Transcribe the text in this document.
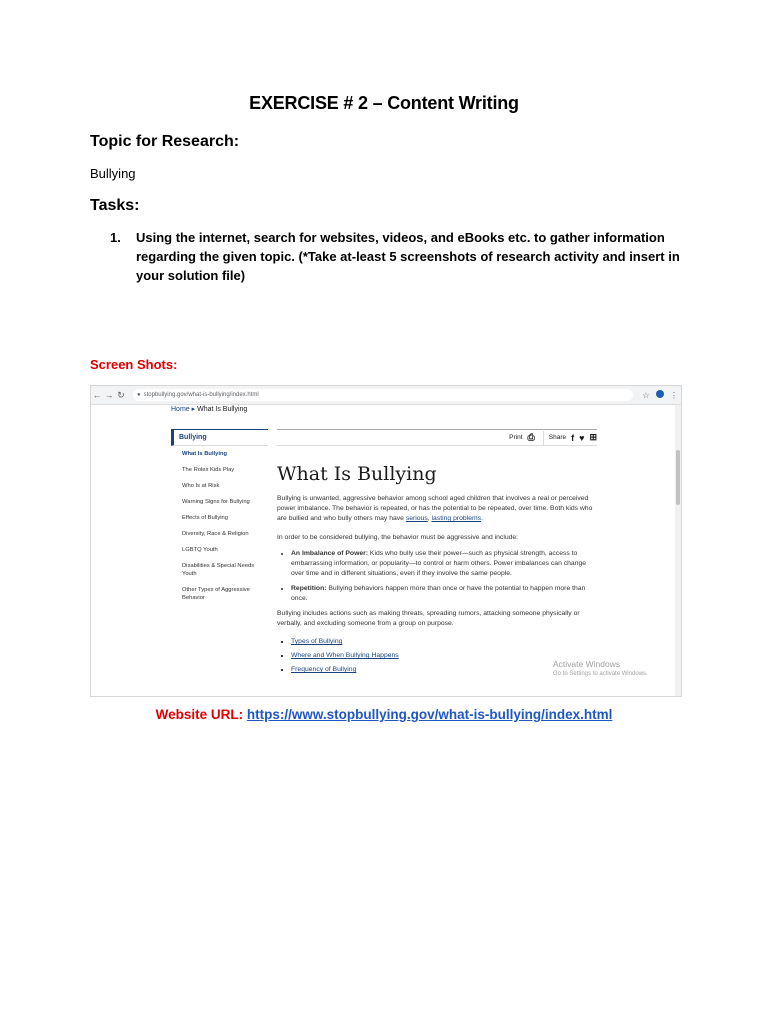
EXERCISE # 2 – Content Writing
Topic for Research:
Bullying
Tasks:
1.	Using the internet, search for websites, videos, and eBooks etc. to gather information regarding the given topic. (*Take at-least 5 screenshots of research activity and insert in your solution file)
Screen Shots:
← → ↻	● stopbullying.gov/what-is-bullying/index.html	☆	⋮
Home ▸ What Is Bullying
Bullying
What Is Bullying
The Roles Kids Play
Who Is at Risk
Warning Signs for Bullying
Effects of Bullying
Diversity, Race & Religion
LGBTQ Youth
Disabilities & Special Needs Youth
Other Types of Aggressive Behavior
Print ⎙ Share f ♥ ⊞
What Is Bullying
Bullying is unwanted, aggressive behavior among school aged children that involves a real or perceived power imbalance. The behavior is repeated, or has the potential to be repeated, over time. Both kids who are bullied and who bully others may have serious, lasting problems.
In order to be considered bullying, the behavior must be aggressive and include:
• An Imbalance of Power: Kids who bully use their power—such as physical strength, access to embarrassing information, or popularity—to control or harm others. Power imbalances can change over time and in different situations, even if they involve the same people.
• Repetition: Bullying behaviors happen more than once or have the potential to happen more than once.
Bullying includes actions such as making threats, spreading rumors, attacking someone physically or verbally, and excluding someone from a group on purpose.
• Types of Bullying
• Where and When Bullying Happens
• Frequency of Bullying
Activate Windows
Go to Settings to activate Windows.
Website URL: https://www.stopbullying.gov/what-is-bullying/index.html
